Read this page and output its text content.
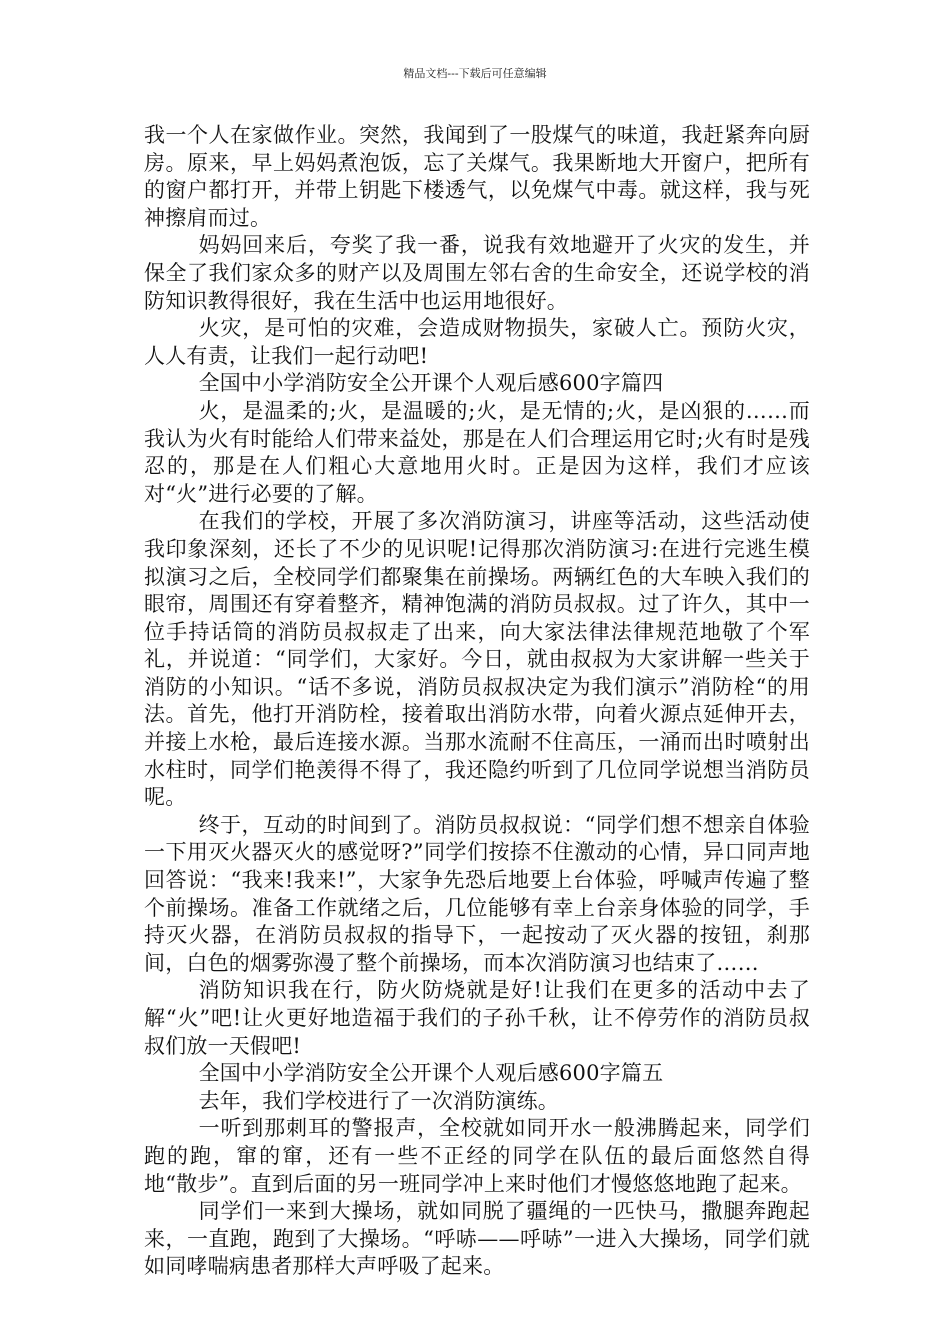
精品文档---下载后可任意编辑

我一个人在家做作业。突然，我闻到了一股煤气的味道，我赶紧奔向厨房。原来，早上妈妈煮泡饭，忘了关煤气。我果断地大开窗户，把所有的窗户都打开，并带上钥匙下楼透气，以免煤气中毒。就这样，我与死神擦肩而过。

妈妈回来后，夸奖了我一番，说我有效地避开了火灾的发生，并保全了我们家众多的财产以及周围左邻右舍的生命安全，还说学校的消防知识教得很好，我在生活中也运用地很好。

火灾，是可怕的灾难，会造成财物损失，家破人亡。预防火灾，人人有责，让我们一起行动吧!

全国中小学消防安全公开课个人观后感600字篇四

火，是温柔的;火，是温暖的;火，是无情的;火，是凶狠的……而我认为火有时能给人们带来益处，那是在人们合理运用它时;火有时是残忍的，那是在人们粗心大意地用火时。正是因为这样，我们才应该对“火”进行必要的了解。

在我们的学校，开展了多次消防演习，讲座等活动，这些活动使我印象深刻，还长了不少的见识呢!记得那次消防演习:在进行完逃生模拟演习之后，全校同学们都聚集在前操场。两辆红色的大车映入我们的眼帘，周围还有穿着整齐，精神饱满的消防员叔叔。过了许久，其中一位手持话筒的消防员叔叔走了出来，向大家法律法律规范地敬了个军礼，并说道：“同学们，大家好。今日，就由叔叔为大家讲解一些关于消防的小知识。“话不多说，消防员叔叔决定为我们演示”消防栓“的用法。首先，他打开消防栓，接着取出消防水带，向着火源点延伸开去，并接上水枪，最后连接水源。当那水流耐不住高压，一涌而出时喷射出水柱时，同学们艳羡得不得了，我还隐约听到了几位同学说想当消防员呢。

终于，互动的时间到了。消防员叔叔说：“同学们想不想亲自体验一下用灭火器灭火的感觉呀?”同学们按捺不住激动的心情，异口同声地回答说：“我来!我来!”，大家争先恐后地要上台体验，呼喊声传遍了整个前操场。准备工作就绪之后，几位能够有幸上台亲身体验的同学，手持灭火器，在消防员叔叔的指导下，一起按动了灭火器的按钮，刹那间，白色的烟雾弥漫了整个前操场，而本次消防演习也结束了……

消防知识我在行，防火防烧就是好!让我们在更多的活动中去了解“火”吧!让火更好地造福于我们的子孙千秋，让不停劳作的消防员叔叔们放一天假吧!

全国中小学消防安全公开课个人观后感600字篇五

去年，我们学校进行了一次消防演练。

一听到那刺耳的警报声，全校就如同开水一般沸腾起来，同学们跑的跑，窜的窜，还有一些不正经的同学在队伍的最后面悠然自得地“散步”。直到后面的另一班同学冲上来时他们才慢悠悠地跑了起来。

同学们一来到大操场，就如同脱了疆绳的一匹快马，撒腿奔跑起来，一直跑，跑到了大操场。“呼哧——呼哧”一进入大操场，同学们就如同哮喘病患者那样大声呼吸了起来。
